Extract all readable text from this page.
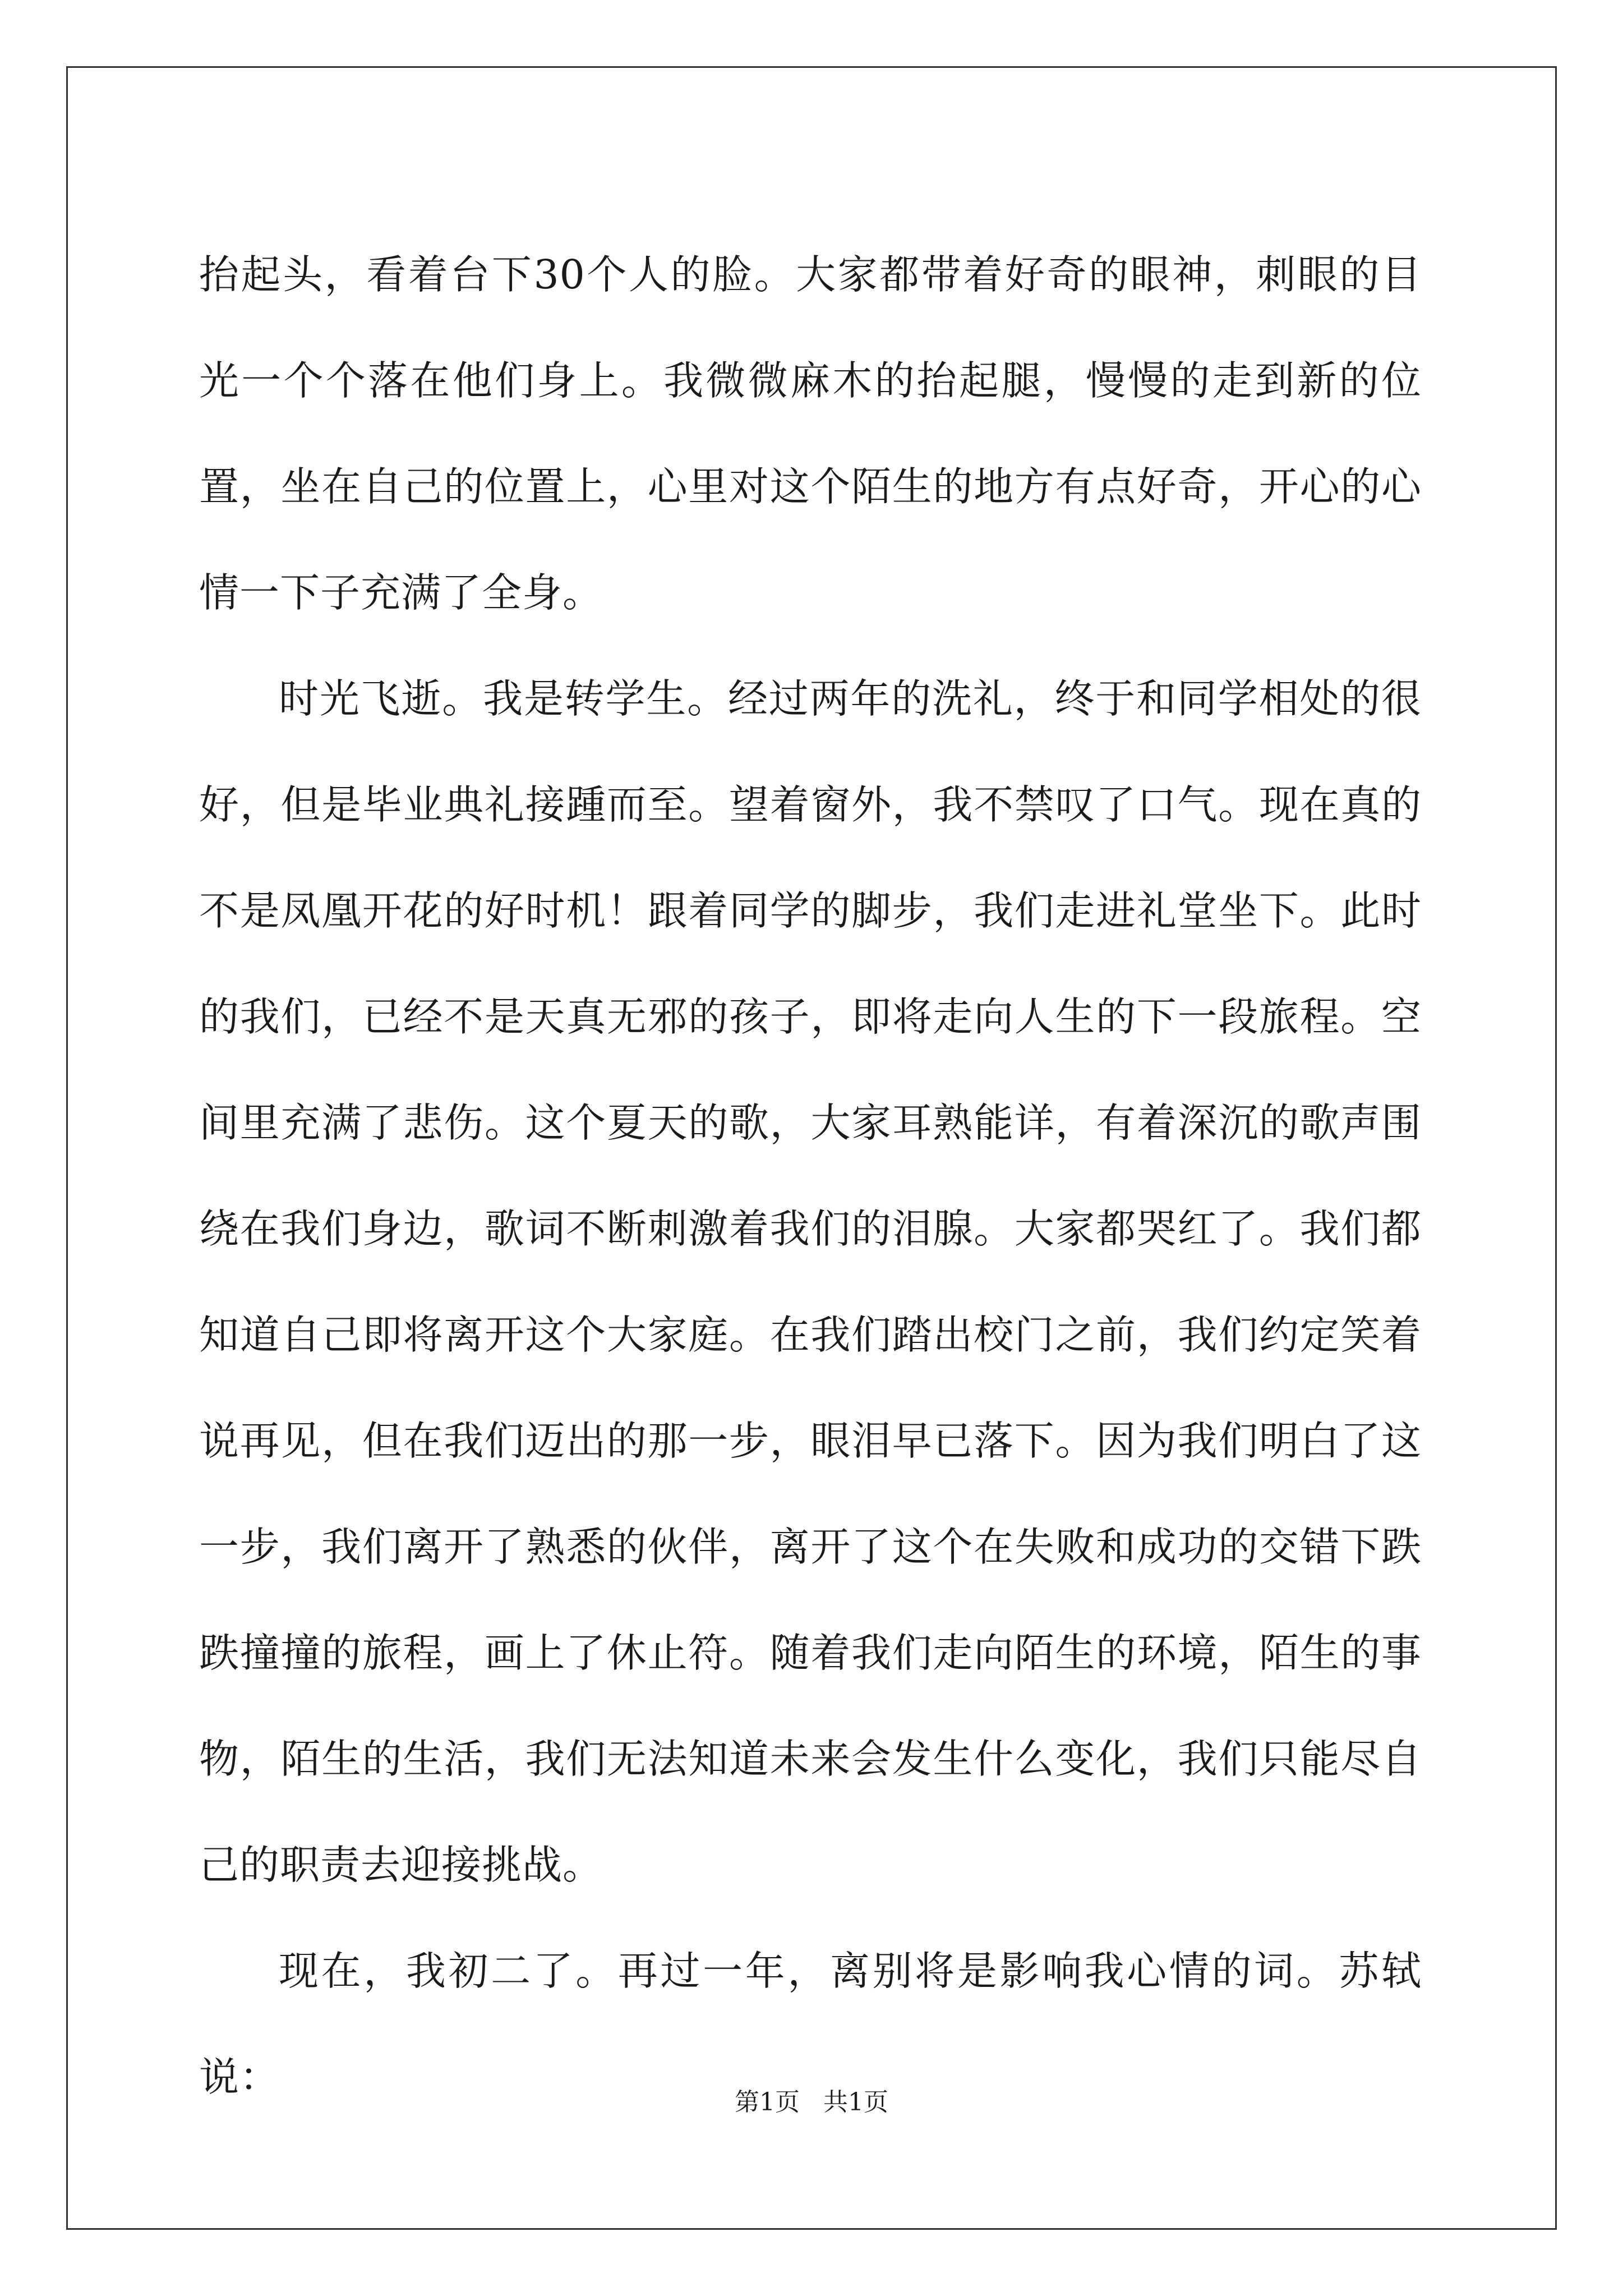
抬起头，看着台下30个人的脸。大家都带着好奇的眼神，刺眼的目光一个个落在他们身上。我微微麻木的抬起腿，慢慢的走到新的位置，坐在自己的位置上，心里对这个陌生的地方有点好奇，开心的心情一下子充满了全身。

时光飞逝。我是转学生。经过两年的洗礼，终于和同学相处的很好，但是毕业典礼接踵而至。望着窗外，我不禁叹了口气。现在真的不是凤凰开花的好时机！跟着同学的脚步，我们走进礼堂坐下。此时的我们，已经不是天真无邪的孩子，即将走向人生的下一段旅程。空间里充满了悲伤。这个夏天的歌，大家耳熟能详，有着深沉的歌声围绕在我们身边，歌词不断刺激着我们的泪腺。大家都哭红了。我们都知道自己即将离开这个大家庭。在我们踏出校门之前，我们约定笑着说再见，但在我们迈出的那一步，眼泪早已落下。因为我们明白了这一步，我们离开了熟悉的伙伴，离开了这个在失败和成功的交错下跌跌撞撞的旅程，画上了休止符。随着我们走向陌生的环境，陌生的事物，陌生的生活，我们无法知道未来会发生什么变化，我们只能尽自己的职责去迎接挑战。

现在，我初二了。再过一年，离别将是影响我心情的词。苏轼说：

第1页 共1页
